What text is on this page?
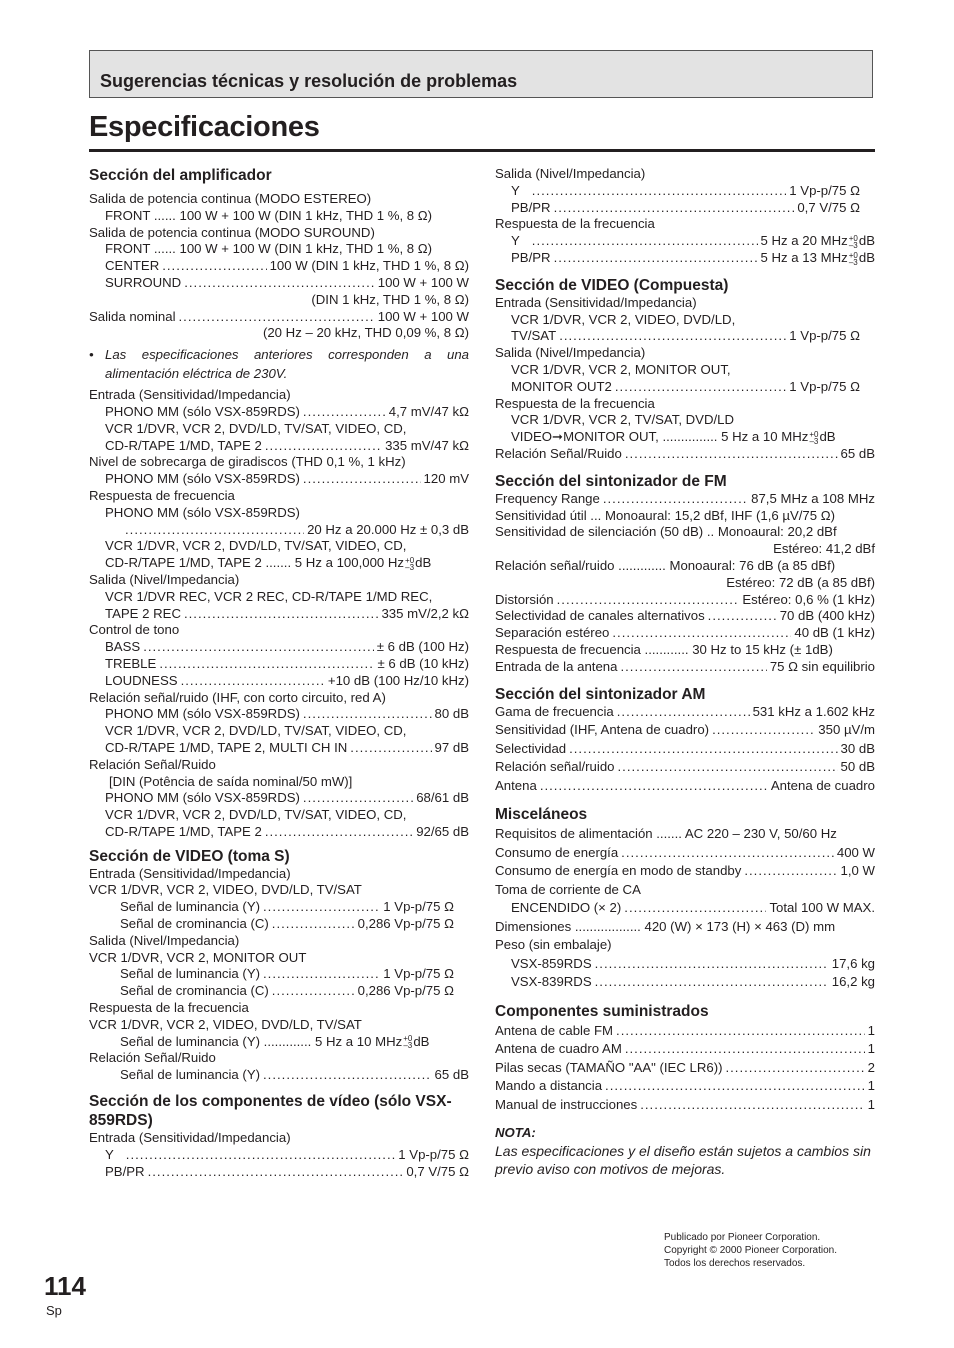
Sugerencias técnicas y resolución de problemas
Especificaciones
Sección del amplificador
Salida de potencia continua (MODO ESTEREO)
FRONT ...... 100 W + 100 W (DIN 1 kHz, THD 1 %, 8 Ω)
Salida de potencia continua (MODO SUROUND)
FRONT ...... 100 W + 100 W (DIN 1 kHz, THD 1 %, 8 Ω)
CENTER .....	100 W (DIN 1 kHz, THD 1 %, 8 Ω)
SURROUND .....	100 W + 100 W
(DIN 1 kHz, THD 1 %, 8 Ω)
Salida nominal .....	100 W + 100 W
(20 Hz – 20 kHz, THD 0,09 %, 8 Ω)
• Las especificaciones anteriores corresponden a una alimentación eléctrica de 230V.
Entrada (Sensitividad/Impedancia)
PHONO MM (sólo VSX-859RDS) .....	4,7 mV/47 kΩ
VCR 1/DVR, VCR 2, DVD/LD, TV/SAT, VIDEO, CD,
CD-R/TAPE 1/MD, TAPE 2 .....	335 mV/47 kΩ
Nivel de sobrecarga de giradiscos (THD 0,1 %, 1 kHz)
PHONO MM (sólo VSX-859RDS) .....	120 mV
Respuesta de frecuencia
PHONO MM (sólo VSX-859RDS)
.....
20 Hz a 20.000 Hz ± 0,3 dB
VCR 1/DVR, VCR 2, DVD/LD, TV/SAT, VIDEO, CD,
CD-R/TAPE 1/MD, TAPE 2 ....... 5 Hz a 100,000 Hz+0
–3dB
Salida (Nivel/Impedancia)
VCR 1/DVR REC, VCR 2 REC, CD-R/TAPE 1/MD REC,
TAPE 2 REC .....	335 mV/2,2 kΩ
Control de tono
BASS .....	± 6 dB (100 Hz)
TREBLE .....	± 6 dB (10 kHz)
LOUDNESS .....	+10 dB (100 Hz/10 kHz)
Relación señal/ruido (IHF, con corto circuito, red A)
PHONO MM (sólo VSX-859RDS) .....	80 dB
VCR 1/DVR, VCR 2, DVD/LD, TV/SAT, VIDEO, CD,
CD-R/TAPE 1/MD, TAPE 2, MULTI CH IN .....	97 dB
Relación Señal/Ruido
[DIN (Potência de saída nominal/50 mW)]
PHONO MM (sólo VSX-859RDS) .....	68/61 dB
VCR 1/DVR, VCR 2, DVD/LD, TV/SAT, VIDEO, CD,
CD-R/TAPE 1/MD, TAPE 2 .....	92/65 dB
Sección de VIDEO (toma S)
Entrada (Sensitividad/Impedancia)
VCR 1/DVR, VCR 2, VIDEO, DVD/LD, TV/SAT
Señal de luminancia (Y) .....	1 Vp-p/75 Ω
Señal de crominancia (C) .....	0,286 Vp-p/75 Ω
Salida (Nivel/Impedancia)
VCR 1/DVR, VCR 2, MONITOR OUT
Señal de luminancia (Y) .....	1 Vp-p/75 Ω
Señal de crominancia (C) .....	0,286 Vp-p/75 Ω
Respuesta de la frecuencia
VCR 1/DVR, VCR 2, VIDEO, DVD/LD, TV/SAT
Señal de luminancia (Y) ............. 5 Hz a 10 MHz+0
–3dB
Relación Señal/Ruido
Señal de luminancia (Y) .....	65 dB
Sección de los componentes de vídeo (sólo VSX-859RDS)
Entrada (Sensitividad/Impedancia)
Y .....	1 Vp-p/75 Ω
PB/PR .....	0,7 V/75 Ω
Salida (Nivel/Impedancia)
Y .....	1 Vp-p/75 Ω
PB/PR .....	0,7 V/75 Ω
Respuesta de la frecuencia
Y .....	5 Hz a 20 MHz+0
–3dB
PB/PR .....	5 Hz a 13 MHz+0
–3dB
Sección de VIDEO (Compuesta)
Entrada (Sensitividad/Impedancia)
VCR 1/DVR, VCR 2, VIDEO, DVD/LD,
TV/SAT .....	1 Vp-p/75 Ω
Salida (Nivel/Impedancia)
VCR 1/DVR, VCR 2, MONITOR OUT,
MONITOR OUT2 .....	1 Vp-p/75 Ω
Respuesta de la frecuencia
VCR 1/DVR, VCR 2, TV/SAT, DVD/LD
VIDEO➞MONITOR OUT, ............... 5 Hz a 10 MHz+0
–3dB
Relación Señal/Ruido .....	65 dB
Sección del sintonizador de FM
Frequency Range .....	87,5 MHz a 108 MHz
Sensitividad útil ... Monoaural: 15,2 dBf, IHF (1,6 µV/75 Ω)
Sensitividad de silenciación (50 dB) .. Monoaural: 20,2 dBf
Estéreo: 41,2 dBf
Relación señal/ruido ............. Monoaural: 76 dB (a 85 dBf)
Estéreo: 72 dB (a 85 dBf)
Distorsión .....	Estéreo: 0,6 % (1 kHz)
Selectividad de canales alternativos .....	70 dB (400 kHz)
Separación estéreo .....	40 dB (1 kHz)
Respuesta de frecuencia ............ 30 Hz to 15 kHz (± 1dB)
Entrada de la antena .....	75 Ω sin equilibrio
Sección del sintonizador AM
Gama de frecuencia .....	531 kHz a 1.602 kHz
Sensitividad (IHF, Antena de cuadro) .....	350 µV/m
Selectividad .....	30 dB
Relación señal/ruido .....	50 dB
Antena .....	Antena de cuadro
Misceláneos
Requisitos de alimentación ....... AC 220 – 230 V, 50/60 Hz
Consumo de energía .....	400 W
Consumo de energía en modo de standby .....	1,0 W
Toma de corriente de CA
ENCENDIDO (× 2) .....	Total 100 W MAX.
Dimensiones .................. 420 (W) × 173 (H) × 463 (D) mm
Peso (sin embalaje)
VSX-859RDS .....	17,6 kg
VSX-839RDS .....	16,2 kg
Componentes suministrados
Antena de cable FM .....	1
Antena de cuadro AM .....	1
Pilas secas (TAMAÑO "AA" (IEC LR6)) .....	2
Mando a distancia .....	1
Manual de instrucciones .....	1
NOTA:
Las especificaciones y el diseño están sujetos a cambios sin previo aviso con motivos de mejoras.
Publicado por Pioneer Corporation.
Copyright © 2000 Pioneer Corporation.
Todos los derechos reservados.
114
Sp
